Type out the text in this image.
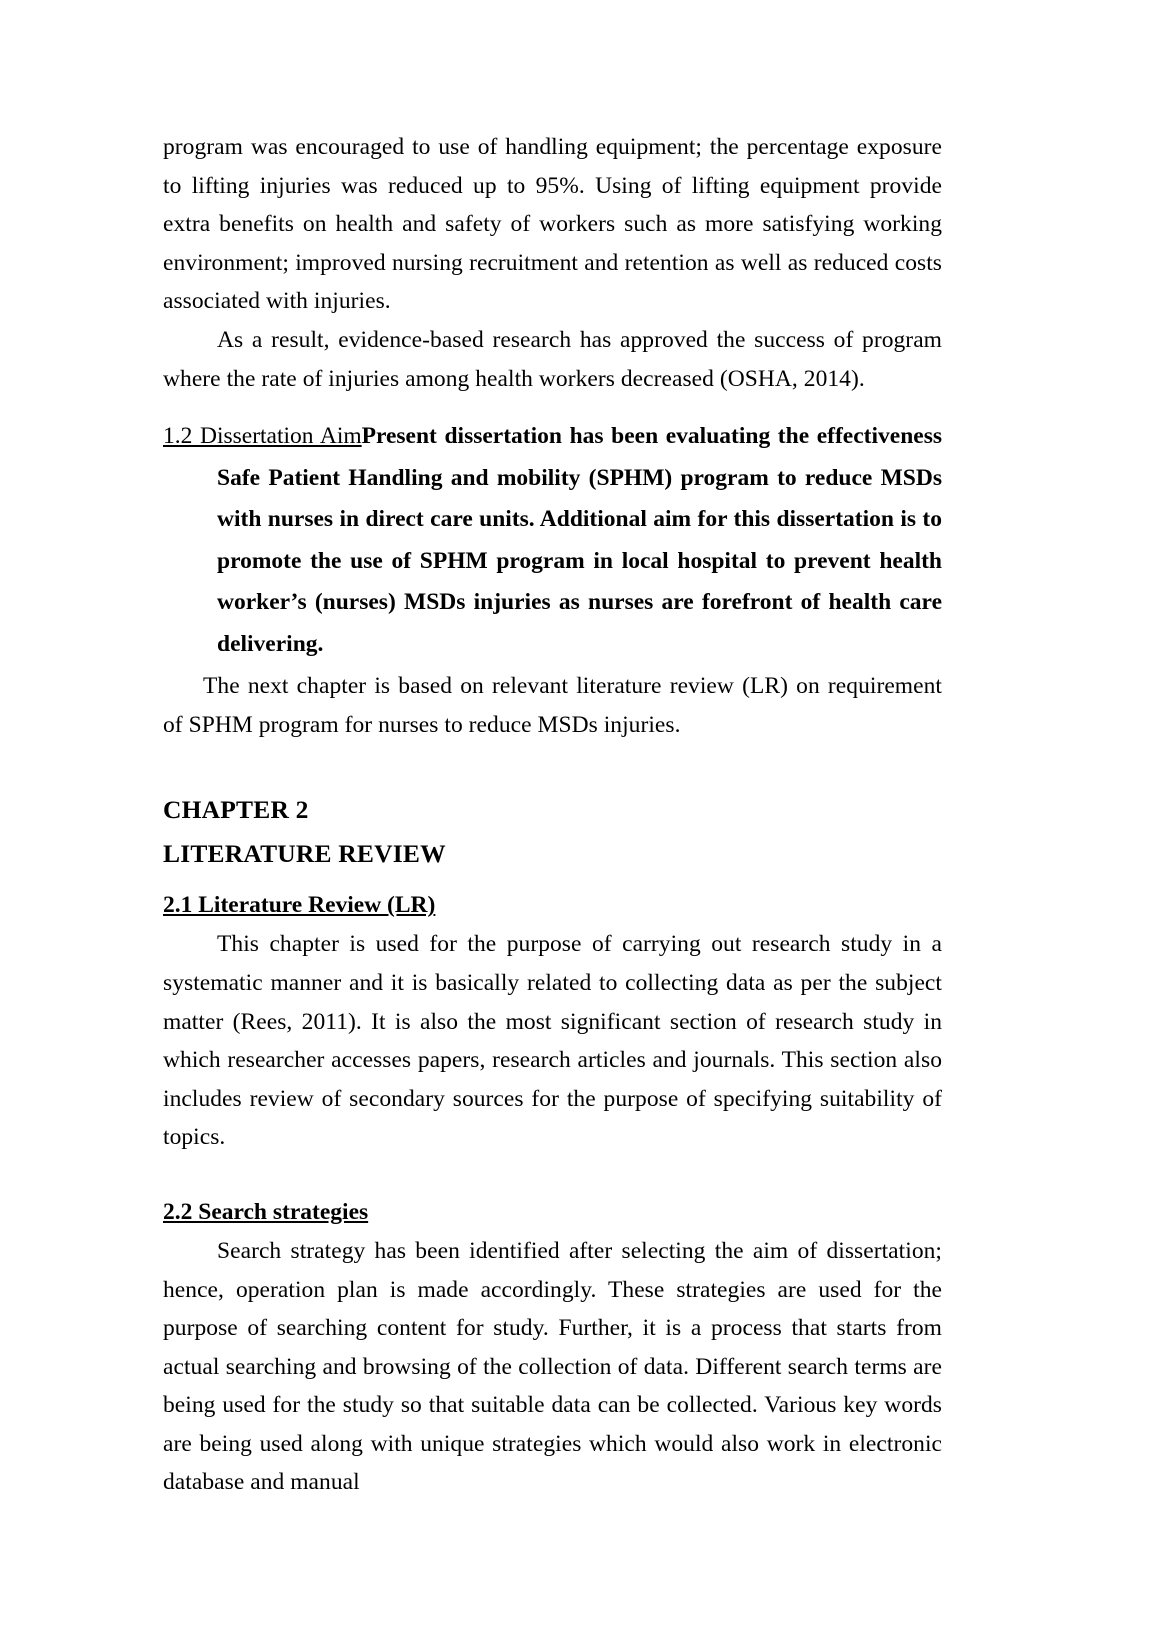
program was encouraged to use of handling equipment; the percentage exposure to lifting injuries was reduced up to 95%. Using of lifting equipment provide extra benefits on health and safety of workers such as more satisfying working environment; improved nursing recruitment and retention as well as reduced costs associated with injuries.

As a result, evidence-based research has approved the success of program where the rate of injuries among health workers decreased (OSHA, 2014).

1.2 Dissertation AimPresent dissertation has been evaluating the effectiveness Safe Patient Handling and mobility (SPHM) program to reduce MSDs with nurses in direct care units. Additional aim for this dissertation is to promote the use of SPHM program in local hospital to prevent health worker’s (nurses) MSDs injuries as nurses are forefront of health care delivering.

The next chapter is based on relevant literature review (LR) on requirement of SPHM program for nurses to reduce MSDs injuries.

CHAPTER 2
LITERATURE REVIEW
2.1 Literature Review (LR)

This chapter is used for the purpose of carrying out research study in a systematic manner and it is basically related to collecting data as per the subject matter (Rees, 2011). It is also the most significant section of research study in which researcher accesses papers, research articles and journals. This section also includes review of secondary sources for the purpose of specifying suitability of topics.

2.2 Search strategies

Search strategy has been identified after selecting the aim of dissertation; hence, operation plan is made accordingly. These strategies are used for the purpose of searching content for study. Further, it is a process that starts from actual searching and browsing of the collection of data. Different search terms are being used for the study so that suitable data can be collected. Various key words are being used along with unique strategies which would also work in electronic database and manual
